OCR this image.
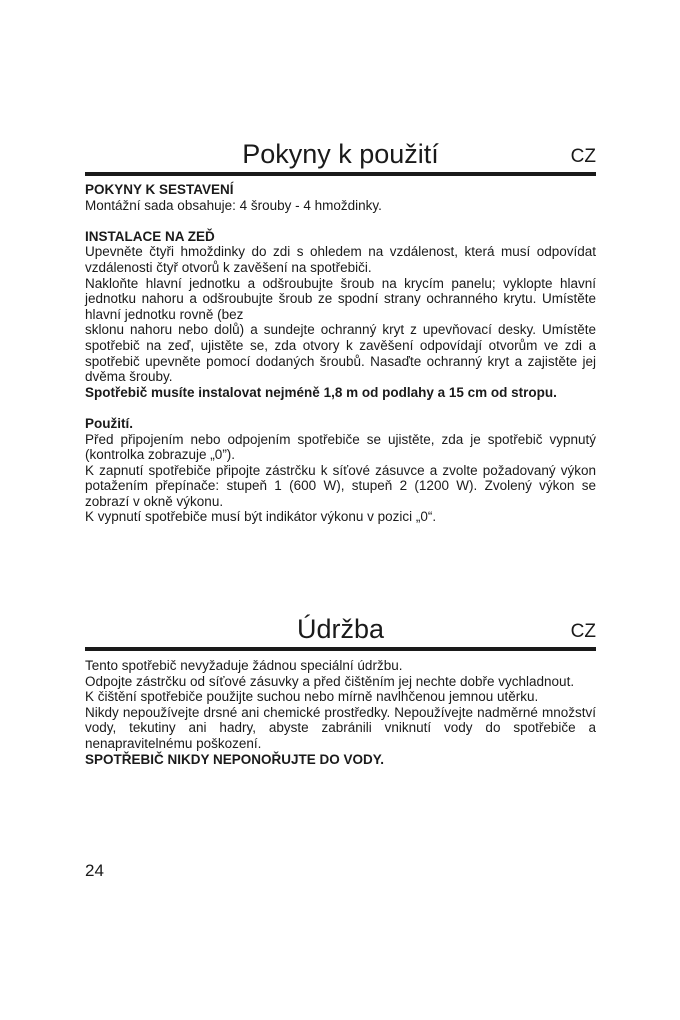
Pokyny k použití	CZ

POKYNY K SESTAVENÍ

Montážní sada obsahuje: 4 šrouby - 4 hmoždinky.

INSTALACE NA ZEĎ

Upevněte čtyři hmoždinky do zdi s ohledem na vzdálenost, která musí odpovídat vzdálenosti čtyř otvorů k zavěšení na spotřebiči.

Nakloňte hlavní jednotku a odšroubujte šroub na krycím panelu; vyklopte hlavní jednotku nahoru a odšroubujte šroub ze spodní strany ochranného krytu. Umístěte hlavní jednotku rovně (bez

sklonu nahoru nebo dolů) a sundejte ochranný kryt z upevňovací desky. Umístěte spotřebič na zeď, ujistěte se, zda otvory k zavěšení odpovídají otvorům ve zdi a spotřebič upevněte pomocí dodaných šroubů. Nasaďte ochranný kryt a zajistěte jej dvěma šrouby.

Spotřebič musíte instalovat nejméně 1,8 m od podlahy a 15 cm od stropu.

Použití.

Před připojením nebo odpojením spotřebiče se ujistěte, zda je spotřebič vypnutý (kontrolka zobrazuje „0”).

K zapnutí spotřebiče připojte zástrčku k síťové zásuvce a zvolte požadovaný výkon potažením přepínače: stupeň 1 (600 W), stupeň 2 (1200 W). Zvolený výkon se zobrazí v okně výkonu.

K vypnutí spotřebiče musí být indikátor výkonu v pozici „0“.

Údržba	CZ

Tento spotřebič nevyžaduje žádnou speciální údržbu.

Odpojte zástrčku od síťové zásuvky a před čištěním jej nechte dobře vychladnout.

K čištění spotřebiče použijte suchou nebo mírně navlhčenou jemnou utěrku.

Nikdy nepoužívejte drsné ani chemické prostředky. Nepoužívejte nadměrné množství vody, tekutiny ani hadry, abyste zabránili vniknutí vody do spotřebiče a nenapravitelnému poškození.

SPOTŘEBIČ NIKDY NEPONOŘUJTE DO VODY.

24
